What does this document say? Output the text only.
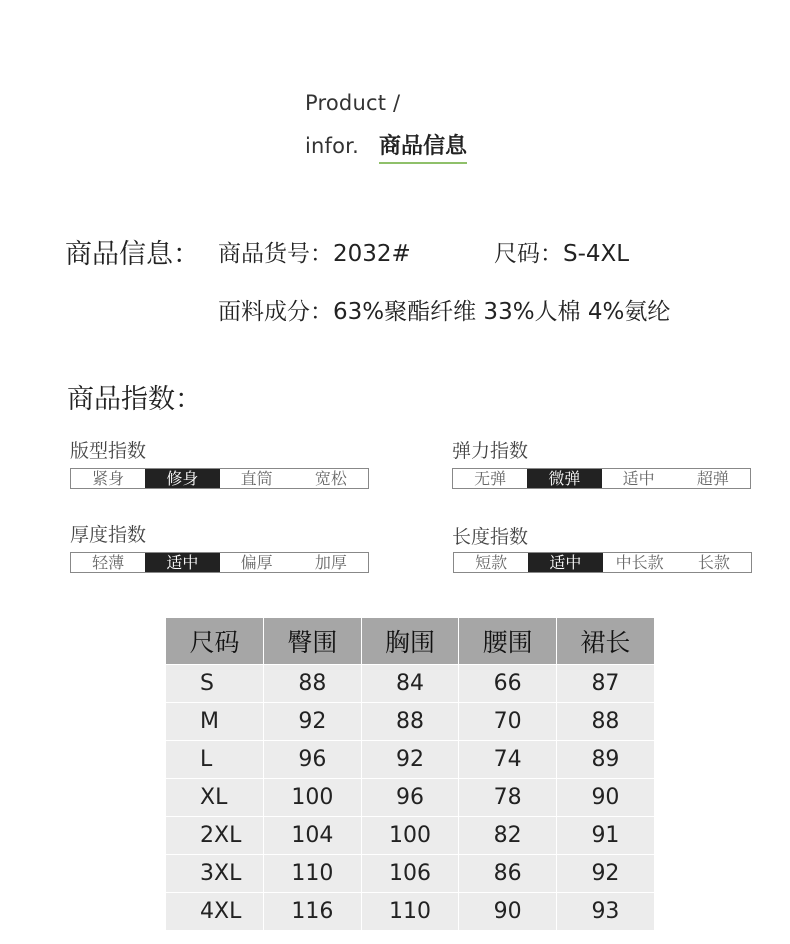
Product /
infor. 商品信息
商品信息： 商品货号：2032#	尺码：S-4XL
面料成分：63%聚酯纤维 33%人棉 4%氨纶
商品指数：
版型指数
紧身	修身	直筒	宽松
弹力指数
无弹	微弹	适中	超弹
厚度指数
轻薄	适中	偏厚	加厚
长度指数
短款	适中	中长款	长款
尺码	臀围	胸围	腰围	裙长
S	88	84	66	87
M	92	88	70	88
L	96	92	74	89
XL	100	96	78	90
2XL	104	100	82	91
3XL	110	106	86	92
4XL	116	110	90	93
